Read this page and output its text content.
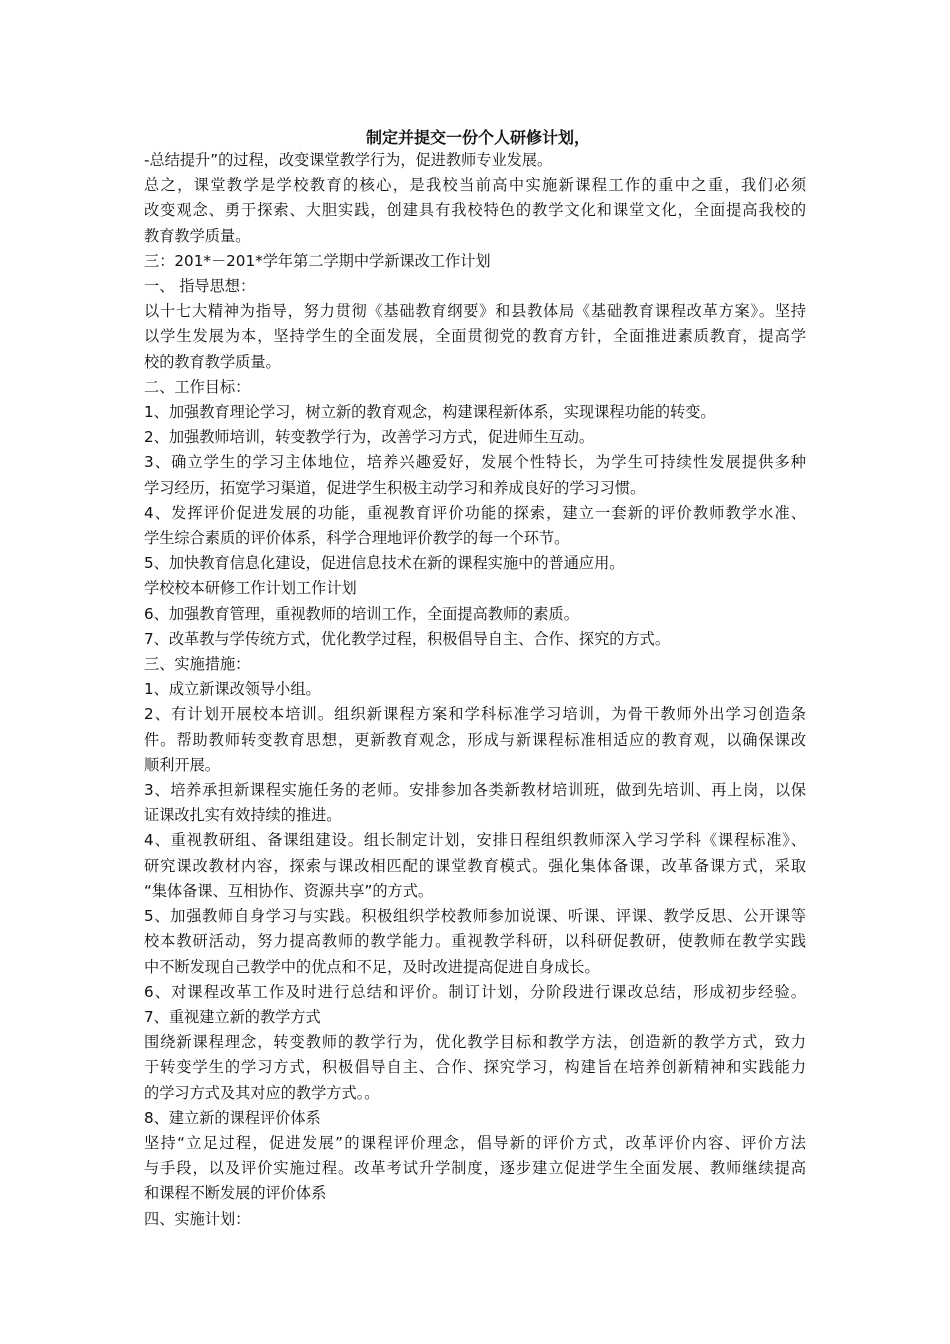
制定并提交一份个人研修计划，
-总结提升”的过程，改变课堂教学行为，促进教师专业发展。
总之，课堂教学是学校教育的核心，是我校当前高中实施新课程工作的重中之重，我们必须
改变观念、勇于探索、大胆实践，创建具有我校特色的教学文化和课堂文化，全面提高我校的
教育教学质量。
三：201*－201*学年第二学期中学新课改工作计划
一、 指导思想：
以十七大精神为指导，努力贯彻《基础教育纲要》和县教体局《基础教育课程改革方案》。坚持
以学生发展为本，坚持学生的全面发展，全面贯彻党的教育方针，全面推进素质教育，提高学
校的教育教学质量。
二、工作目标：
1、加强教育理论学习，树立新的教育观念，构建课程新体系，实现课程功能的转变。
2、加强教师培训，转变教学行为，改善学习方式，促进师生互动。
3、确立学生的学习主体地位，培养兴趣爱好，发展个性特长，为学生可持续性发展提供多种
学习经历，拓宽学习渠道，促进学生积极主动学习和养成良好的学习习惯。
4、发挥评价促进发展的功能，重视教育评价功能的探索，建立一套新的评价教师教学水准、
学生综合素质的评价体系，科学合理地评价教学的每一个环节。
5、加快教育信息化建设，促进信息技术在新的课程实施中的普通应用。
学校校本研修工作计划工作计划
6、加强教育管理，重视教师的培训工作，全面提高教师的素质。
7、改革教与学传统方式，优化教学过程，积极倡导自主、合作、探究的方式。
三、实施措施：
1、成立新课改领导小组。
2、有计划开展校本培训。组织新课程方案和学科标准学习培训，为骨干教师外出学习创造条
件。帮助教师转变教育思想，更新教育观念，形成与新课程标准相适应的教育观，以确保课改
顺利开展。
3、培养承担新课程实施任务的老师。安排参加各类新教材培训班，做到先培训、再上岗，以保
证课改扎实有效持续的推进。
4、重视教研组、备课组建设。组长制定计划，安排日程组织教师深入学习学科《课程标准》、
研究课改教材内容，探索与课改相匹配的课堂教育模式。强化集体备课，改革备课方式，采取
“集体备课、互相协作、资源共享”的方式。
5、加强教师自身学习与实践。积极组织学校教师参加说课、听课、评课、教学反思、公开课等
校本教研活动，努力提高教师的教学能力。重视教学科研，以科研促教研，使教师在教学实践
中不断发现自己教学中的优点和不足，及时改进提高促进自身成长。
6、对课程改革工作及时进行总结和评价。制订计划，分阶段进行课改总结，形成初步经验。
7、重视建立新的教学方式
围绕新课程理念，转变教师的教学行为，优化教学目标和教学方法，创造新的教学方式，致力
于转变学生的学习方式，积极倡导自主、合作、探究学习，构建旨在培养创新精神和实践能力
的学习方式及其对应的教学方式。。
8、建立新的课程评价体系
坚持“立足过程，促进发展”的课程评价理念，倡导新的评价方式，改革评价内容、评价方法
与手段，以及评价实施过程。改革考试升学制度，逐步建立促进学生全面发展、教师继续提高
和课程不断发展的评价体系
四、实施计划：
